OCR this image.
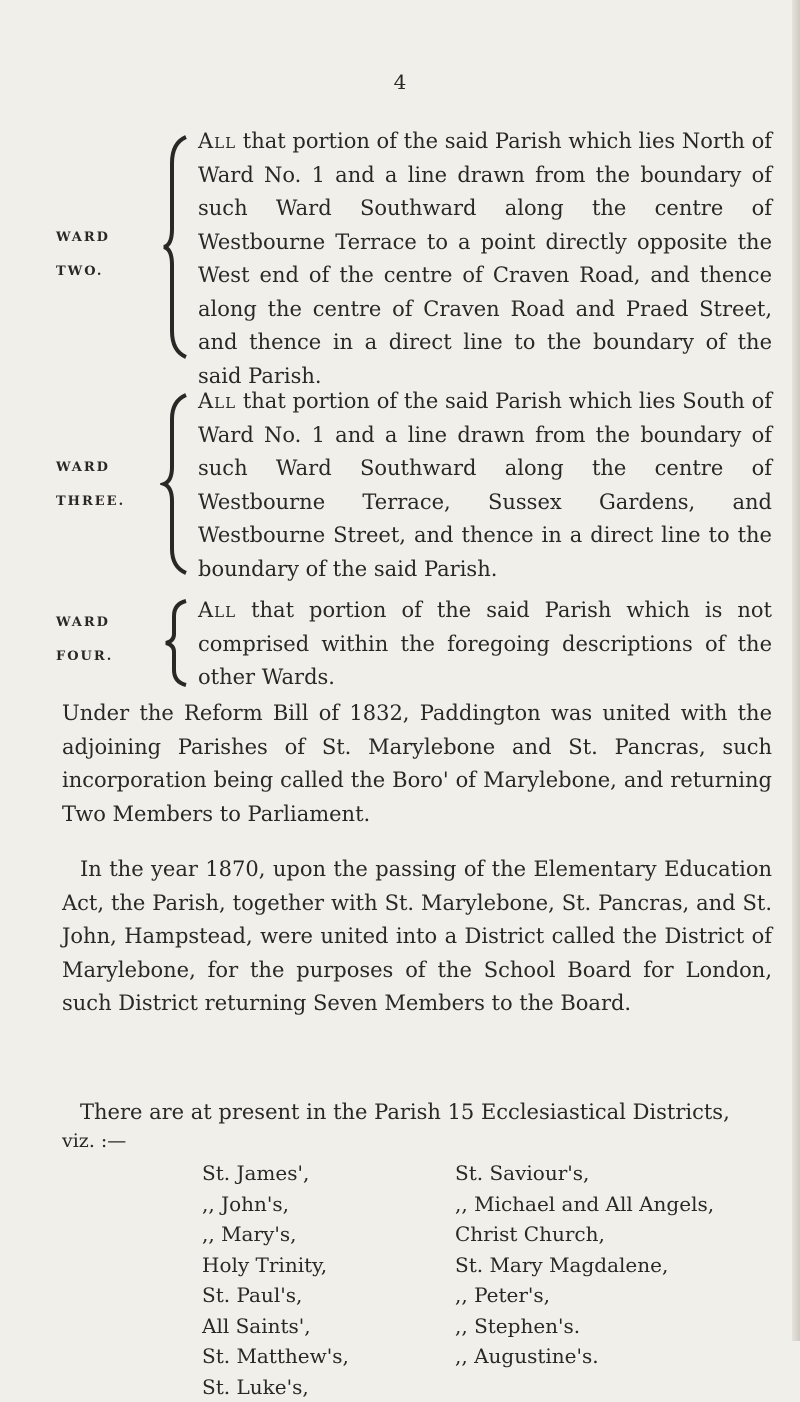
4
WARD
TWO.
All that portion of the said Parish which lies North of Ward No. 1 and a line drawn from the boundary of such Ward Southward along the centre of Westbourne Terrace to a point directly opposite the West end of the centre of Craven Road, and thence along the centre of Craven Road and Praed Street, and thence in a direct line to the boundary of the said Parish.
WARD
THREE.
All that portion of the said Parish which lies South of Ward No. 1 and a line drawn from the boundary of such Ward Southward along the centre of Westbourne Terrace, Sussex Gardens, and Westbourne Street, and thence in a direct line to the boundary of the said Parish.
WARD
FOUR.
All that portion of the said Parish which is not comprised within the foregoing descriptions of the other Wards.
Under the Reform Bill of 1832, Paddington was united with the adjoining Parishes of St. Marylebone and St. Pancras, such incorporation being called the Boro' of Marylebone, and returning Two Members to Parliament.
In the year 1870, upon the passing of the Elementary Education Act, the Parish, together with St. Marylebone, St. Pancras, and St. John, Hampstead, were united into a District called the District of Marylebone, for the purposes of the School Board for London, such District returning Seven Members to the Board.
There are at present in the Parish 15 Ecclesiastical Districts,
viz. :—
St. James',
,, John's,
,, Mary's,
Holy Trinity,
St. Paul's,
All Saints',
St. Matthew's,
St. Luke's,
St. Saviour's,
,, Michael and All Angels,
Christ Church,
St. Mary Magdalene,
,, Peter's,
,, Stephen's.
,, Augustine's.
